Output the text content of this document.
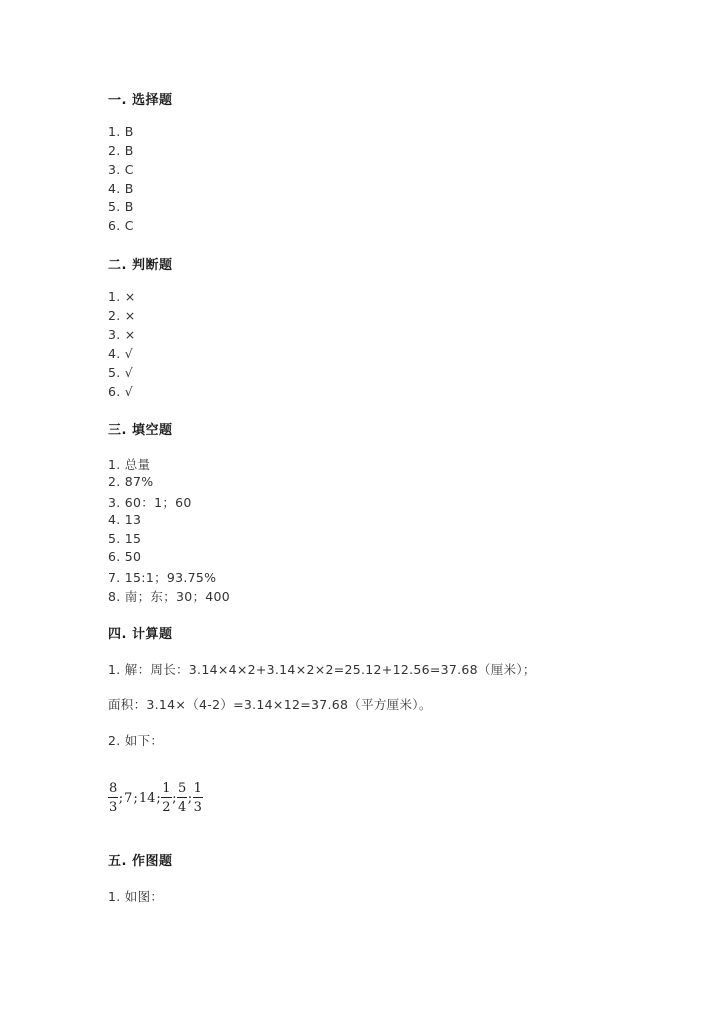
一. 选择题
1. B
2. B
3. C
4. B
5. B
6. C
二. 判断题
1. ×
2. ×
3. ×
4. √
5. √
6. √
三. 填空题
1. 总量
2. 87%
3. 60：1；60
4. 13
5. 15
6. 50
7. 15:1；93.75%
8. 南；东；30；400
四. 计算题
1. 解：周长：3.14×4×2+3.14×2×2=25.12+12.56=37.68（厘米）；
面积：3.14×（4-2）=3.14×12=37.68（平方厘米）。
2. 如下：
$\frac{8}{3}$ ; 7 ; 14 ; $\frac{1}{2}$ ; $\frac{5}{4}$ ; $\frac{1}{3}$
五. 作图题
1. 如图：
